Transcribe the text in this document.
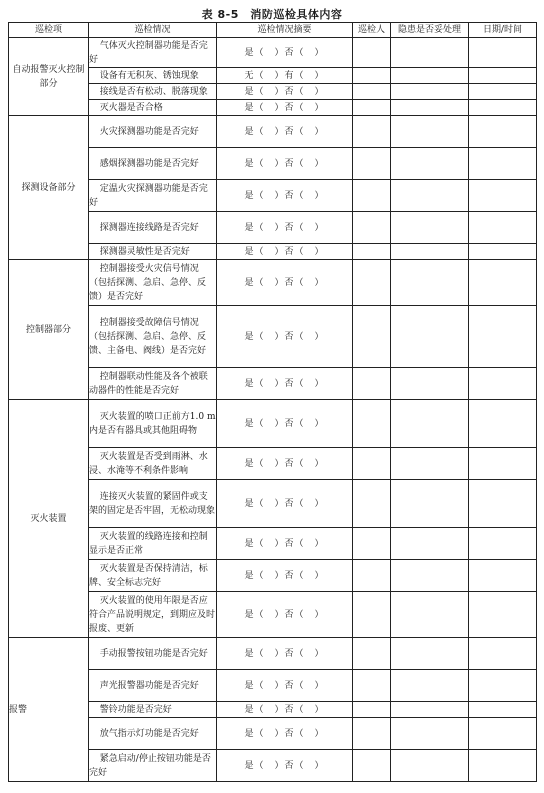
表 8-5　消防巡检具体内容
巡检项	巡检情况	巡检情况摘要	巡检人	隐患是否妥处理	日期/时间
自动报警灭火控制部分	气体灭火控制器功能是否完好	是（　）否（　）			

	设备有无积灰、锈蚀现象	无（　）有（　）			

	接线是否有松动、脱落现象	是（　）否（　）			

	灭火器是否合格	是（　）否（　）			
探测设备部分	火灾探测器功能是否完好	是（　）否（　）			

	感烟探测器功能是否完好	是（　）否（　）			

	定温火灾探测器功能是否完好	是（　）否（　）			

	探测器连接线路是否完好	是（　）否（　）			

	探测器灵敏性是否完好	是（　）否（　）			
控制器部分	控制器接受火灾信号情况（包括探测、急启、急停、反馈）是否完好	是（　）否（　）			

	控制器接受故障信号情况（包括探测、急启、急停、反馈、主备电、阀线）是否完好	是（　）否（　）			

	控制器联动性能及各个被联动器件的性能是否完好	是（　）否（　）			
灭火装置	灭火装置的喷口正前方1.0 m内是否有器具或其他阻碍物	是（　）否（　）			

	灭火装置是否受到雨淋、水浸、水淹等不利条件影响	是（　）否（　）			

	连接灭火装置的紧固件或支架的固定是否牢固，无松动现象	是（　）否（　）			

	灭火装置的线路连接和控制显示是否正常	是（　）否（　）			

	灭火装置是否保持清洁，标牌、安全标志完好	是（　）否（　）			

	灭火装置的使用年限是否应符合产品说明规定，到期应及时报废、更新	是（　）否（　）			
报警	手动报警按钮功能是否完好	是（　）否（　）			

	声光报警器功能是否完好	是（　）否（　）			

	警铃功能是否完好	是（　）否（　）			

	放气指示灯功能是否完好	是（　）否（　）			

	紧急启动/停止按钮功能是否完好	是（　）否（　）			
